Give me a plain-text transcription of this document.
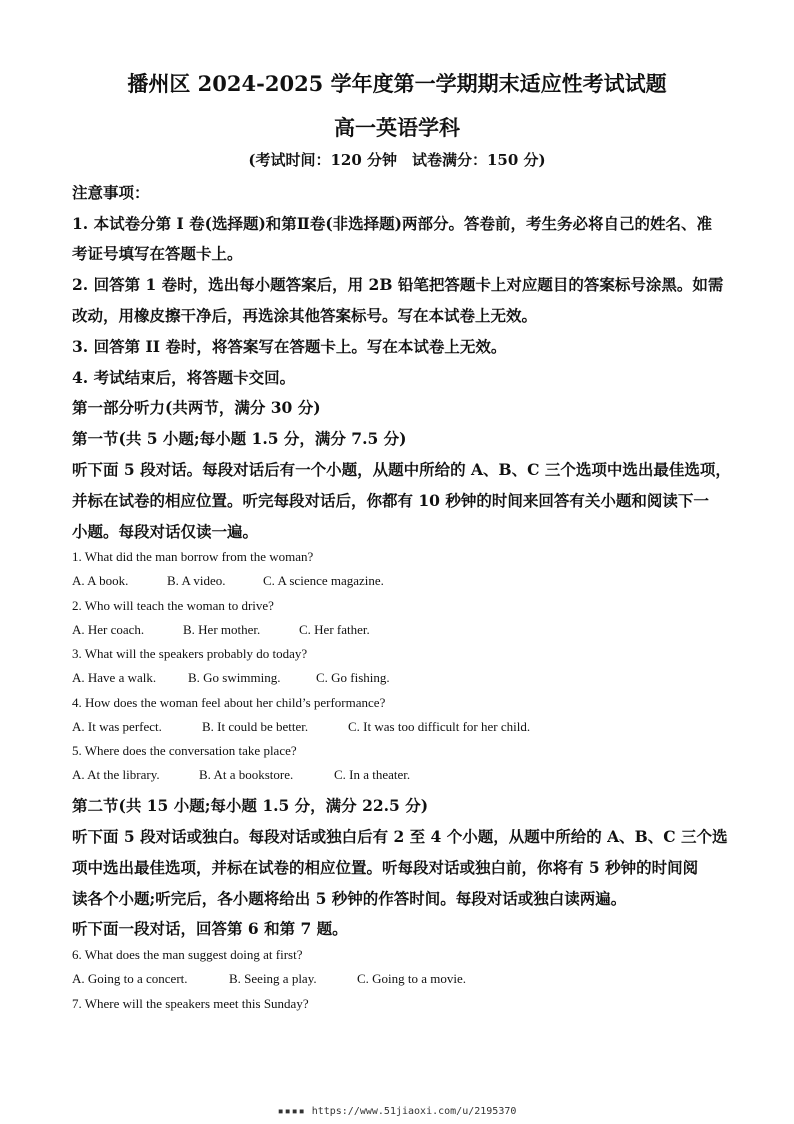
播州区 2024-2025 学年度第一学期期末适应性考试试题
高一英语学科
(考试时间：120 分钟　试卷满分：150 分)
注意事项：
1. 本试卷分第 I 卷(选择题)和第Ⅱ卷(非选择题)两部分。答卷前，考生务必将自己的姓名、准
考证号填写在答题卡上。
2. 回答第 1 卷时，选出每小题答案后，用 2B 铅笔把答题卡上对应题目的答案标号涂黑。如需
改动，用橡皮擦干净后，再选涂其他答案标号。写在本试卷上无效。
3. 回答第 II 卷时，将答案写在答题卡上。写在本试卷上无效。
4. 考试结束后，将答题卡交回。
第一部分听力(共两节，满分 30 分)
第一节(共 5 小题;每小题 1.5 分，满分 7.5 分)
听下面 5 段对话。每段对话后有一个小题，从题中所给的 A、B、C 三个选项中选出最佳选项，
并标在试卷的相应位置。听完每段对话后，你都有 10 秒钟的时间来回答有关小题和阅读下一
小题。每段对话仅读一遍。
1. What did the man borrow from the woman?
A. A book.	B. A video.	C. A science magazine.
2. Who will teach the woman to drive?
A. Her coach.	B. Her mother.	C. Her father.
3. What will the speakers probably do today?
A. Have a walk. B. Go swimming.	C. Go fishing.
4. How does the woman feel about her child’s performance?
A. It was perfect.	B. It could be better.	C. It was too difficult for her child.
5. Where does the conversation take place?
A. At the library.	B. At a bookstore.	C. In a theater.
第二节(共 15 小题;每小题 1.5 分，满分 22.5 分)
听下面 5 段对话或独白。每段对话或独白后有 2 至 4 个小题，从题中所给的 A、B、C 三个选
项中选出最佳选项，并标在试卷的相应位置。听每段对话或独白前，你将有 5 秒钟的时间阅
读各个小题;听完后，各小题将给出 5 秒钟的作答时间。每段对话或独白读两遍。
听下面一段对话，回答第 6 和第 7 题。
6. What does the man suggest doing at first?
A. Going to a concert.	B. Seeing a play.	C. Going to a movie.
7. Where will the speakers meet this Sunday?
▪▪▪▪ https://www.51jiaoxi.com/u/2195370
